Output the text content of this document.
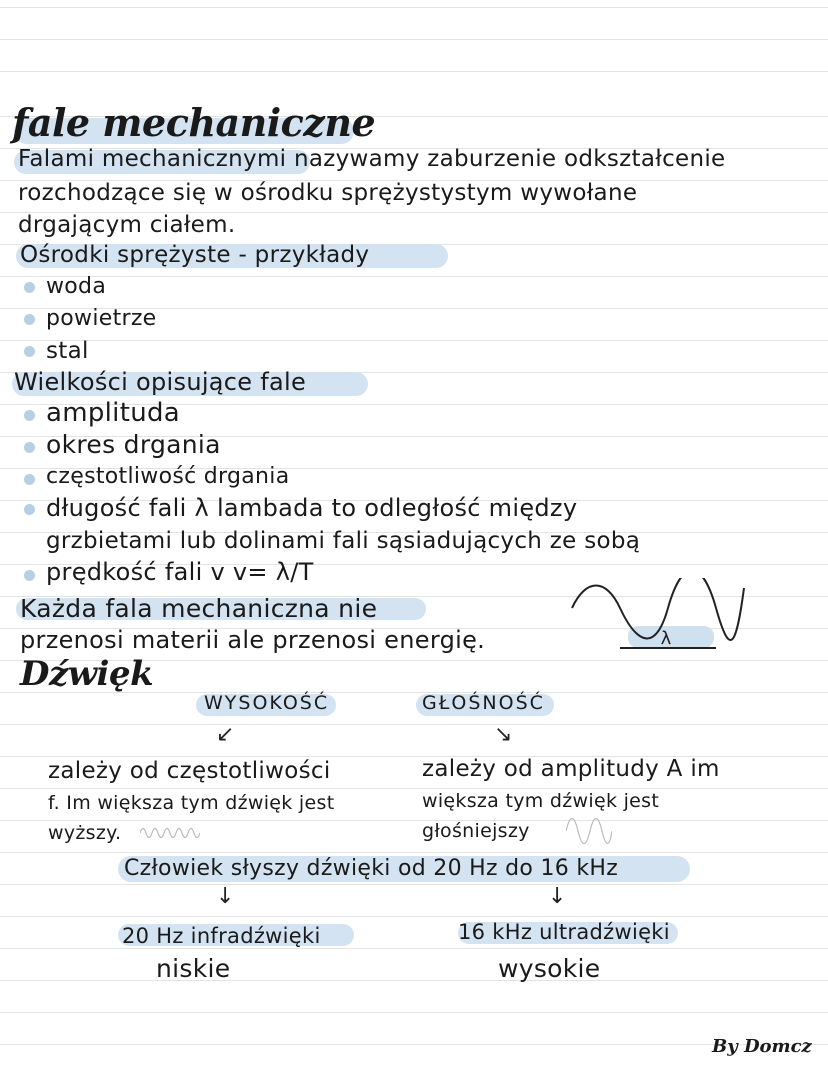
fale mechaniczne
Falami mechanicznymi nazywamy zaburzenie odkształcenie
rozchodzące się w ośrodku sprężystystym wywołane
drgającym ciałem.
Ośrodki sprężyste - przykłady
woda
powietrze
stal
Wielkości opisujące fale
amplituda
okres drgania
częstotliwość drgania
długość fali λ lambada to odległość między
grzbietami lub dolinami fali sąsiadujących ze sobą
prędkość fali v v= λ/T
Każda fala mechaniczna nie
przenosi materii ale przenosi energię.	λ
Dźwięk
WYSOKOŚĆ	GŁOŚNOŚĆ
↙	↘
zależy od częstotliwości
f. Im większa tym dźwięk jest
wyższy.
zależy od amplitudy A im
większa tym dźwięk jest
głośniejszy
Człowiek słyszy dźwięki od 20 Hz do 16 kHz
↓	↓
20 Hz infradźwięki
niskie
16 kHz ultradźwięki
wysokie
By Domcz
